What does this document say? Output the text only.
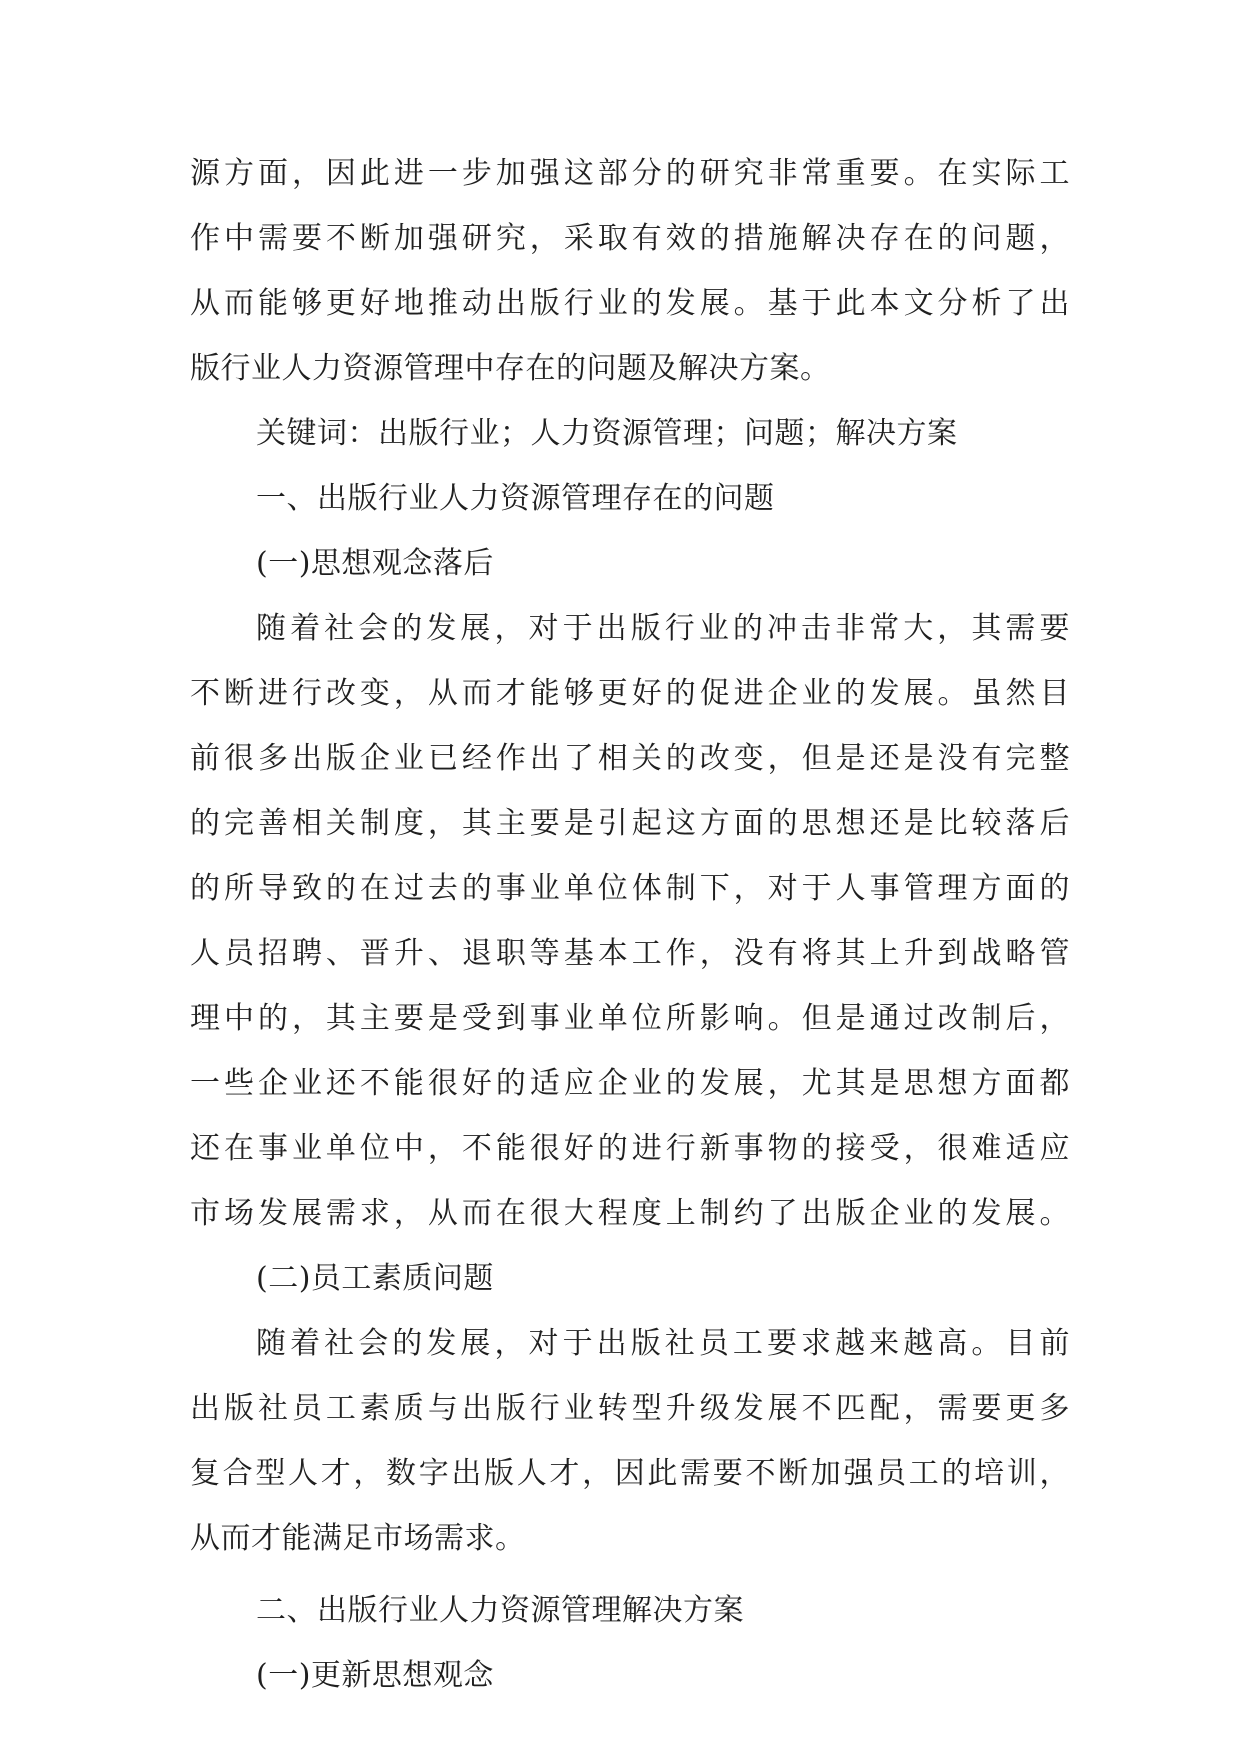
源方面，因此进一步加强这部分的研究非常重要。在实际工
作中需要不断加强研究，采取有效的措施解决存在的问题，
从而能够更好地推动出版行业的发展。基于此本文分析了出
版行业人力资源管理中存在的问题及解决方案。
关键词：出版行业；人力资源管理；问题；解决方案
一、出版行业人力资源管理存在的问题
(一)思想观念落后
随着社会的发展，对于出版行业的冲击非常大，其需要
不断进行改变，从而才能够更好的促进企业的发展。虽然目
前很多出版企业已经作出了相关的改变，但是还是没有完整
的完善相关制度，其主要是引起这方面的思想还是比较落后
的所导致的在过去的事业单位体制下，对于人事管理方面的
人员招聘、晋升、退职等基本工作，没有将其上升到战略管
理中的，其主要是受到事业单位所影响。但是通过改制后，
一些企业还不能很好的适应企业的发展，尤其是思想方面都
还在事业单位中，不能很好的进行新事物的接受，很难适应
市场发展需求，从而在很大程度上制约了出版企业的发展。
(二)员工素质问题
随着社会的发展，对于出版社员工要求越来越高。目前
出版社员工素质与出版行业转型升级发展不匹配，需要更多
复合型人才，数字出版人才，因此需要不断加强员工的培训，
从而才能满足市场需求。
二、出版行业人力资源管理解决方案
(一)更新思想观念
